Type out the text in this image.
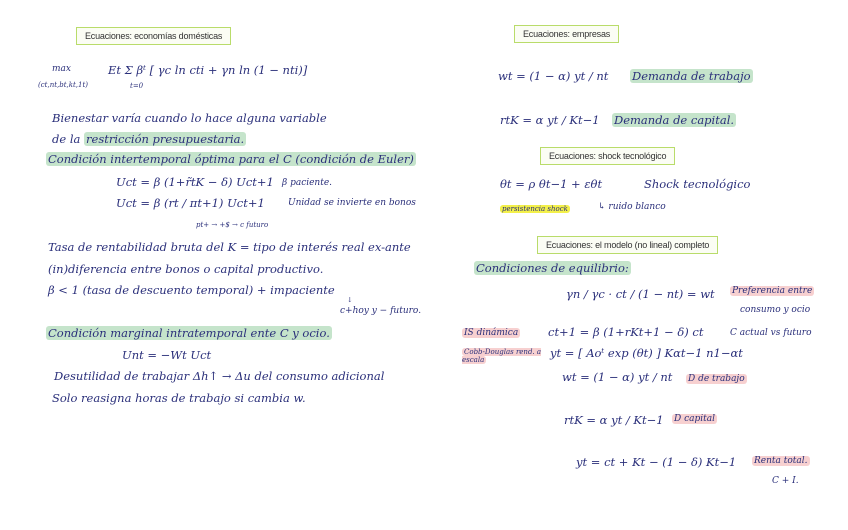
Ecuaciones: economías domésticas	Ecuaciones: empresas
Ecuaciones: shock tecnológico
Ecuaciones: el modelo (no lineal) completo
max
(ct,nt,bt,kt,1t)
Et Σ βᵗ [ γc ln cti + γn ln (1 − nti)]
t=0
Bienestar varía cuando lo hace alguna variable
de la restricción presupuestaria.
Condición intertemporal óptima para el C (condición de Euler)
Uct = β (1+r̃tK − δ) Uct+1 β paciente.
Uct = β (rt / πt+1) Uct+1	Unidad se invierte en bonos
pt+ → +$ → c futuro
Tasa de rentabilidad bruta del K = tipo de interés real ex-ante
(in)diferencia entre bonos o capital productivo.
β < 1 (tasa de descuento temporal) + impaciente
↓
c+hoy y − futuro.
Condición marginal intratemporal ente C y ocio.
Unt = −Wt Uct
Desutilidad de trabajar Δh↑ → Δu del consumo adicional
Solo reasigna horas de trabajo si cambia w.
wt = (1 − α) yt / nt Demanda de trabajo
rtK = α yt / Kt−1 Demanda de capital.
θt = ρ θt−1 + εθt	Shock tecnológico
persistencia shock	↳ ruido blanco
Condiciones de equilibrio:
γn / γc · ct / (1 − nt) = wt Preferencia entre
consumo y ocio
IS dinámica	ct+1 = β (1+rKt+1 − δ) ct	C actual vs futuro
Cobb-Douglas rend. a escala
yt = [ Aoᵗ exp (θt) ] Kαt−1 n1−αt
wt = (1 − α) yt / nt D de trabajo
rtK = α yt / Kt−1 D capital
yt = ct + Kt − (1 − δ) Kt−1 Renta total.
C + I.
